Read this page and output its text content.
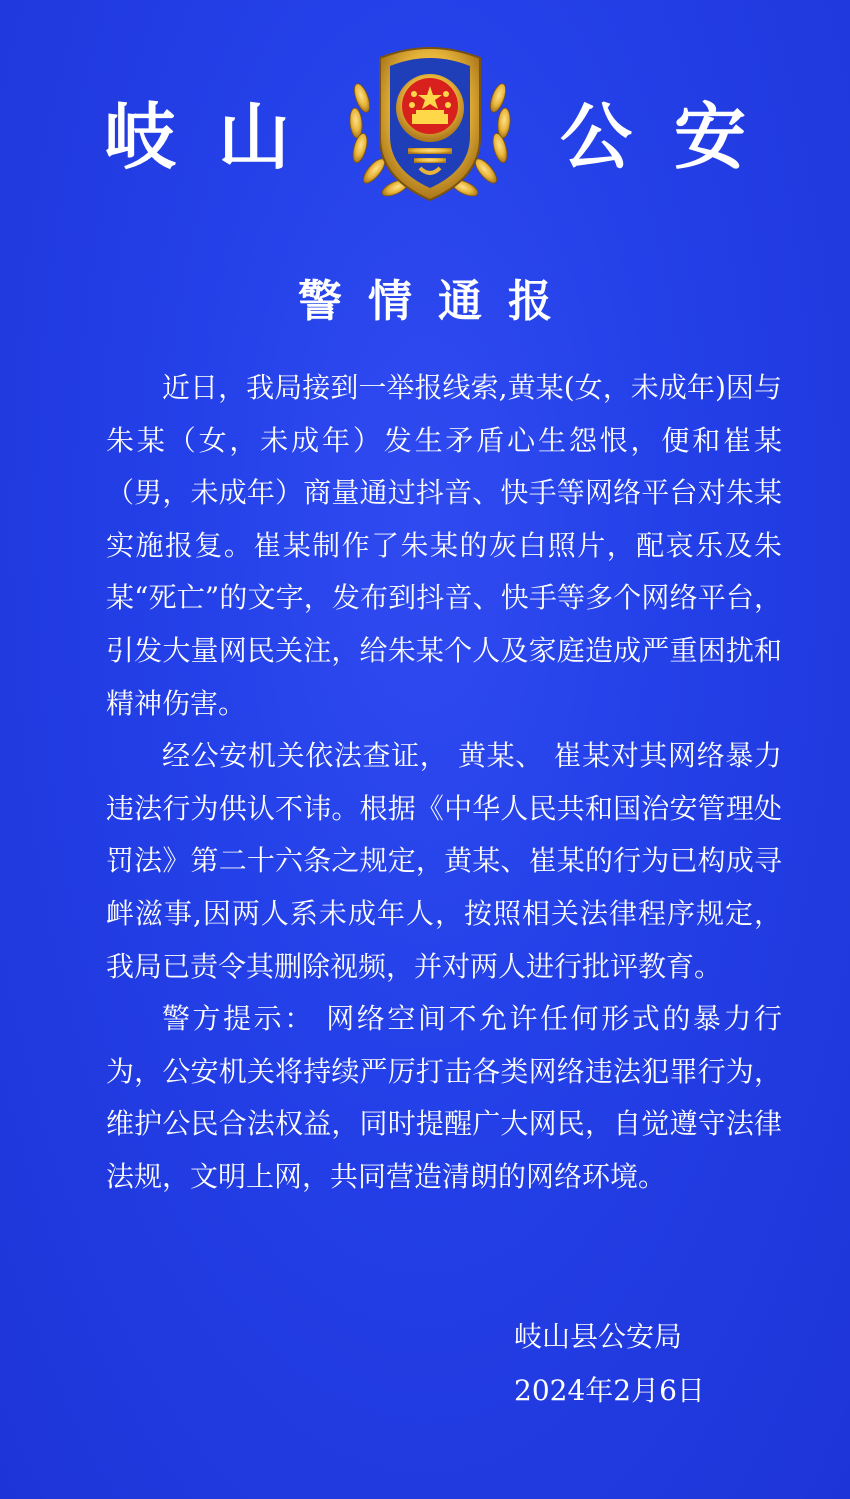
岐山	公安
警情通报

近日，我局接到一举报线索,黄某(女，未成年)因与朱某（女，未成年）发生矛盾心生怨恨，便和崔某（男，未成年）商量通过抖音、快手等网络平台对朱某实施报复。崔某制作了朱某的灰白照片，配哀乐及朱某“死亡”的文字，发布到抖音、快手等多个网络平台，引发大量网民关注，给朱某个人及家庭造成严重困扰和精神伤害。

经公安机关依法查证， 黄某、 崔某对其网络暴力违法行为供认不讳。根据《中华人民共和国治安管理处罚法》第二十六条之规定，黄某、崔某的行为已构成寻衅滋事,因两人系未成年人，按照相关法律程序规定，我局已责令其删除视频，并对两人进行批评教育。

警方提示： 网络空间不允许任何形式的暴力行为，公安机关将持续严厉打击各类网络违法犯罪行为，维护公民合法权益，同时提醒广大网民，自觉遵守法律法规，文明上网，共同营造清朗的网络环境。

岐山县公安局
2024年2月6日
